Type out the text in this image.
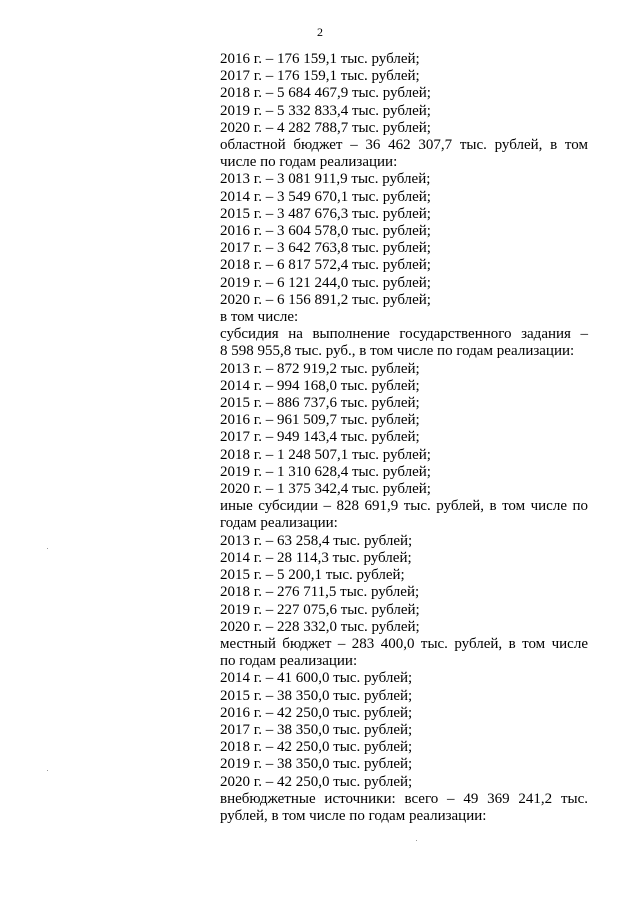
2
2016 г. – 176 159,1 тыс. рублей;
2017 г. – 176 159,1 тыс. рублей;
2018 г. – 5 684 467,9 тыс. рублей;
2019 г. – 5 332 833,4 тыс. рублей;
2020 г. – 4 282 788,7 тыс. рублей;
областной бюджет – 36 462 307,7 тыс. рублей, в том
числе по годам реализации:
2013 г. – 3 081 911,9 тыс. рублей;
2014 г. – 3 549 670,1 тыс. рублей;
2015 г. – 3 487 676,3 тыс. рублей;
2016 г. – 3 604 578,0 тыс. рублей;
2017 г. – 3 642 763,8 тыс. рублей;
2018 г. – 6 817 572,4 тыс. рублей;
2019 г. – 6 121 244,0 тыс. рублей;
2020 г. – 6 156 891,2 тыс. рублей;
в том числе:
субсидия на выполнение государственного задания –
8 598 955,8 тыс. руб., в том числе по годам реализации:
2013 г. – 872 919,2 тыс. рублей;
2014 г. – 994 168,0 тыс. рублей;
2015 г. – 886 737,6 тыс. рублей;
2016 г. – 961 509,7 тыс. рублей;
2017 г. – 949 143,4 тыс. рублей;
2018 г. – 1 248 507,1 тыс. рублей;
2019 г. – 1 310 628,4 тыс. рублей;
2020 г. – 1 375 342,4 тыс. рублей;
иные субсидии – 828 691,9 тыс. рублей, в том числе по
годам реализации:
2013 г. – 63 258,4 тыс. рублей;
2014 г. – 28 114,3 тыс. рублей;
2015 г. – 5 200,1 тыс. рублей;
2018 г. – 276 711,5 тыс. рублей;
2019 г. – 227 075,6 тыс. рублей;
2020 г. – 228 332,0 тыс. рублей;
местный бюджет – 283 400,0 тыс. рублей, в том числе
по годам реализации:
2014 г. – 41 600,0 тыс. рублей;
2015 г. – 38 350,0 тыс. рублей;
2016 г. – 42 250,0 тыс. рублей;
2017 г. – 38 350,0 тыс. рублей;
2018 г. – 42 250,0 тыс. рублей;
2019 г. – 38 350,0 тыс. рублей;
2020 г. – 42 250,0 тыс. рублей;
внебюджетные источники: всего – 49 369 241,2 тыс.
рублей, в том числе по годам реализации:
